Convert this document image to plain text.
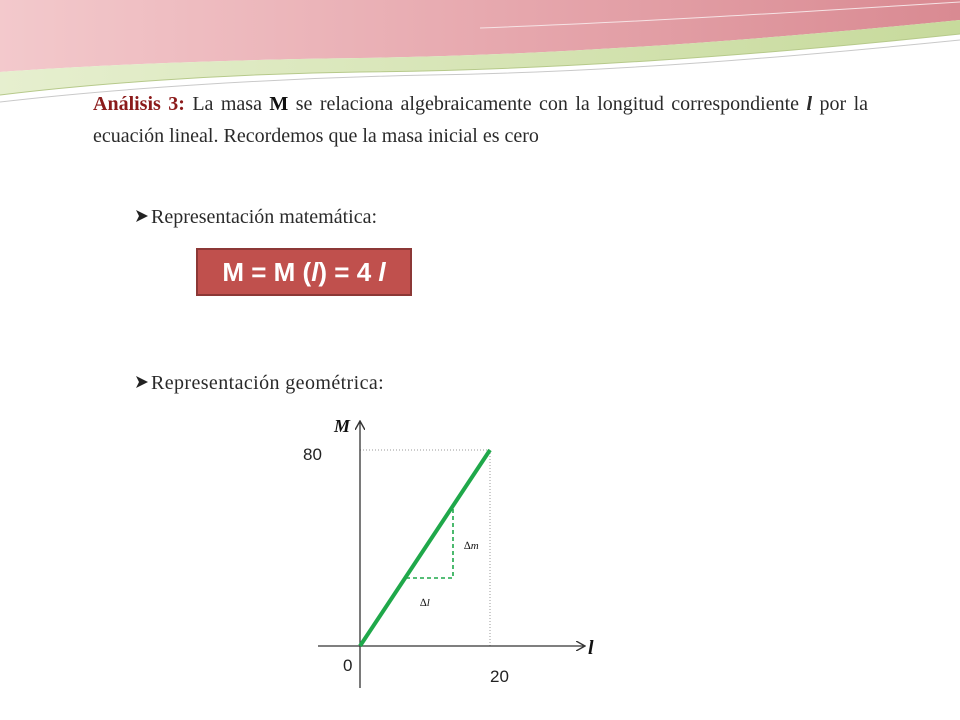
Análisis 3: La masa M se relaciona algebraicamente con la longitud correspondiente l por la ecuación lineal. Recordemos que la masa inicial es cero
Representación matemática:
M = M ( l ) = 4
l
Representación geométrica:
M
l
80
20
0
∆m
∆l
